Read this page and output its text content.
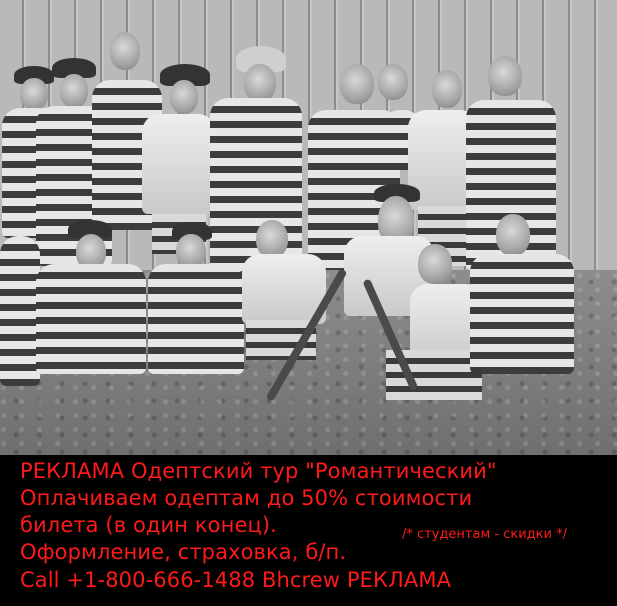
РЕКЛАМА Одептский тур "Романтический"
Оплачиваем одептам до 50% стоимости
билета (в один конец).	/* студентам - скидки */
Оформление, страховка, б/п.
Call +1-800-666-1488 Bhcrew РЕКЛАМА
